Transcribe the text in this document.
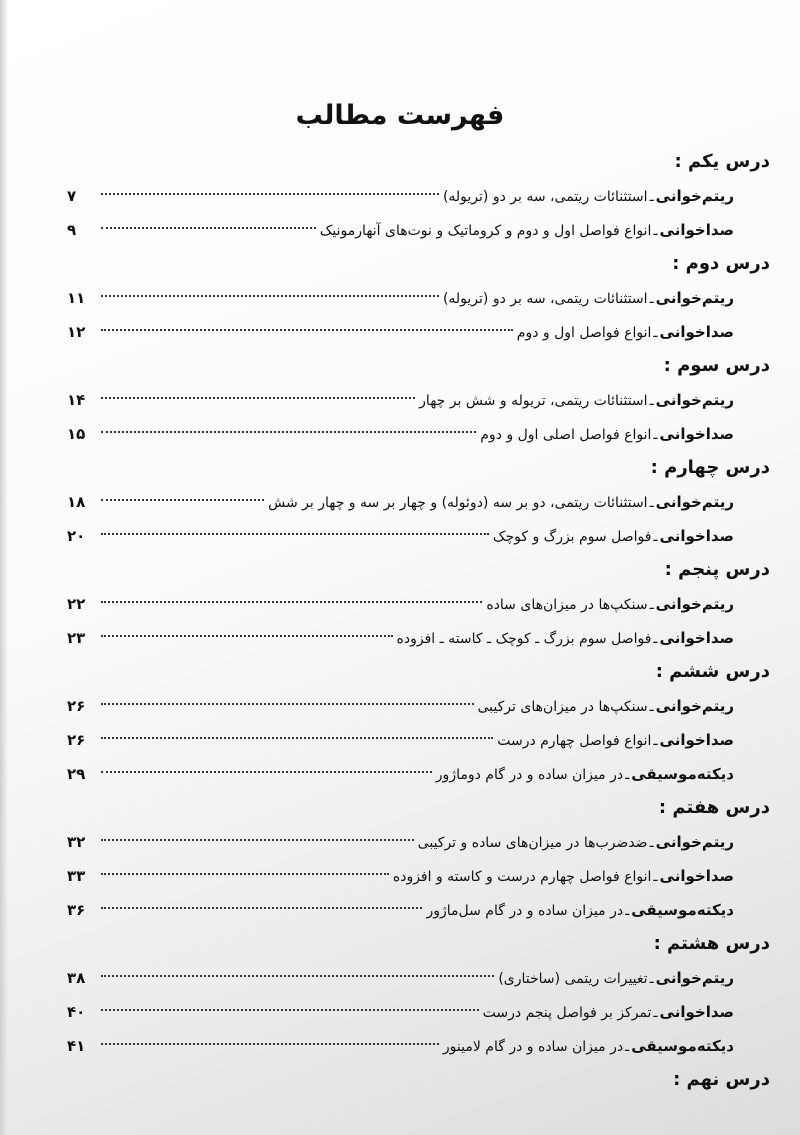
فهرست مطالب
درس یکم :
ریتم‌خوانی
ـ
استثنائات ریتمی، سه بر دو (تریوله)
۷
صداخوانی
ـ
انواع فواصل اول و دوم و کروماتیک و نوت‌های آنهارمونیک
۹
درس دوم :
ریتم‌خوانی
ـ
استثنائات ریتمی، سه بر دو (تریوله)
۱۱
صداخوانی
ـ
انواع فواصل اول و دوم
۱۲
درس سوم :
ریتم‌خوانی
ـ
استثنائات ریتمی، تریوله و شش بر چهار
۱۴
صداخوانی
ـ
انواع فواصل اصلی اول و دوم
۱۵
درس چهارم :
ریتم‌خوانی
ـ
استثنائات ریتمی، دو بر سه (دوئوله) و چهار بر سه و چهار بر شش
۱۸
صداخوانی
ـ
فواصل سوم بزرگ و کوچک
۲۰
درس پنجم :
ریتم‌خوانی
ـ
سنکپ‌ها در میزان‌های ساده
۲۲
صداخوانی
ـ
فواصل سوم بزرگ ـ کوچک ـ کاسته ـ افزوده
۲۳
درس ششم :
ریتم‌خوانی
ـ
سنکپ‌ها در میزان‌های ترکیبی
۲۶
صداخوانی
ـ
انواع فواصل چهارم درست
۲۶
دیکته‌موسیقی
ـ
در میزان ساده و در گام دوماژور
۲۹
درس هفتم :
ریتم‌خوانی
ـ
ضدضرب‌ها در میزان‌های ساده و ترکیبی
۳۲
صداخوانی
ـ
انواع فواصل چهارم درست و کاسته و افزوده
۳۳
دیکته‌موسیقی
ـ
در میزان ساده و در گام سل‌ماژور
۳۶
درس هشتم :
ریتم‌خوانی
ـ
تغییرات ریتمی (ساختاری)
۳۸
صداخوانی
ـ
تمرکز بر فواصل پنجم درست
۴۰
دیکته‌موسیقی
ـ
در میزان ساده و در گام لامینور
۴۱
درس نهم :
